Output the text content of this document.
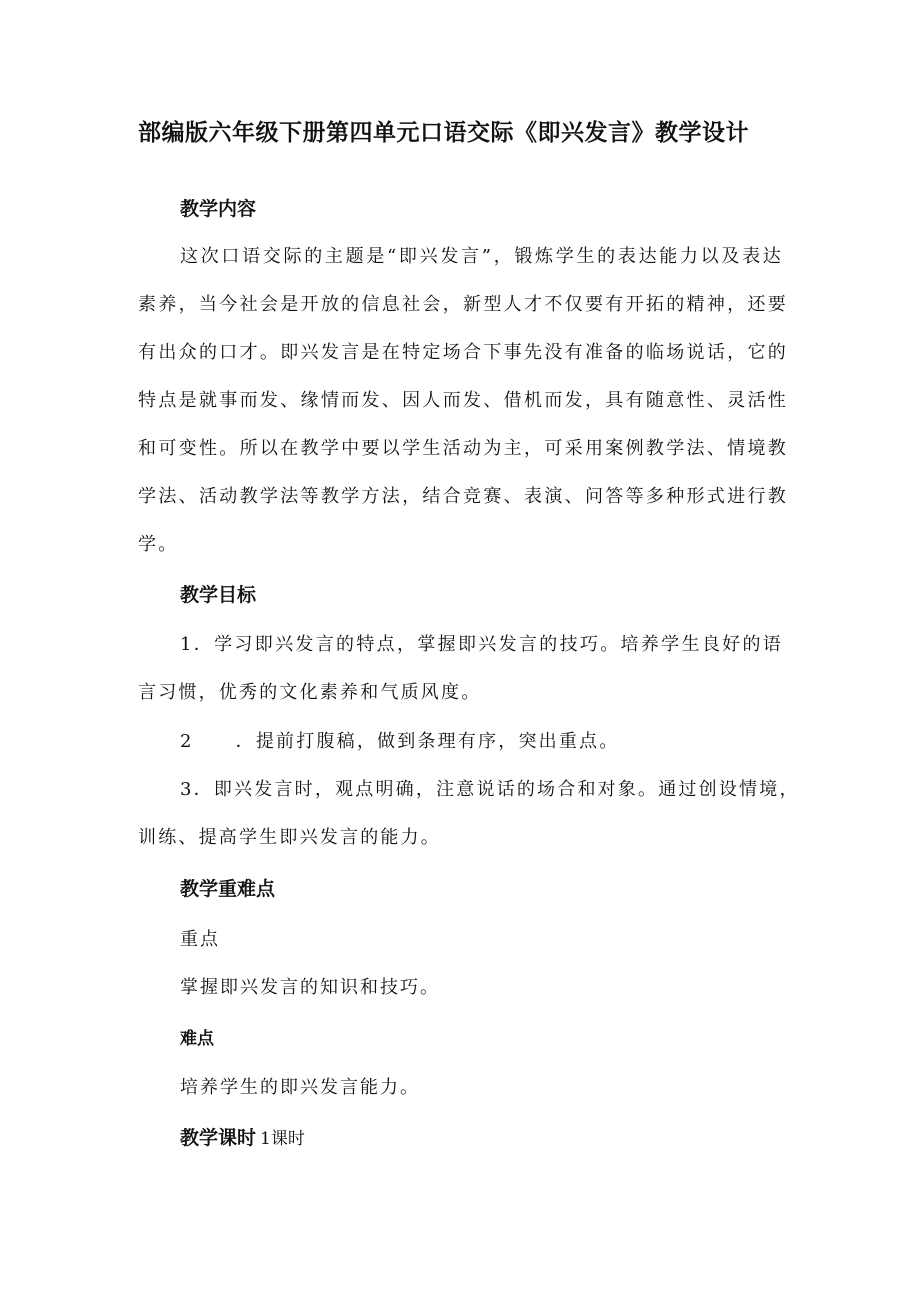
部编版六年级下册第四单元口语交际《即兴发言》教学设计
教学内容
这次口语交际的主题是“即兴发言”，锻炼学生的表达能力以及表达
素养，当今社会是开放的信息社会，新型人才不仅要有开拓的精神，还要
有出众的口才。即兴发言是在特定场合下事先没有准备的临场说话，它的
特点是就事而发、缘情而发、因人而发、借机而发，具有随意性、灵活性
和可变性。所以在教学中要以学生活动为主，可采用案例教学法、情境教
学法、活动教学法等教学方法，结合竞赛、表演、问答等多种形式进行教
学。
教学目标
1．学习即兴发言的特点，掌握即兴发言的技巧。培养学生良好的语
言习惯，优秀的文化素养和气质风度。
2 ．提前打腹稿，做到条理有序，突出重点。
3．即兴发言时，观点明确，注意说话的场合和对象。通过创设情境，
训练、提高学生即兴发言的能力。
教学重难点
重点
掌握即兴发言的知识和技巧。
难点
培养学生的即兴发言能力。
教学课时 1课时
